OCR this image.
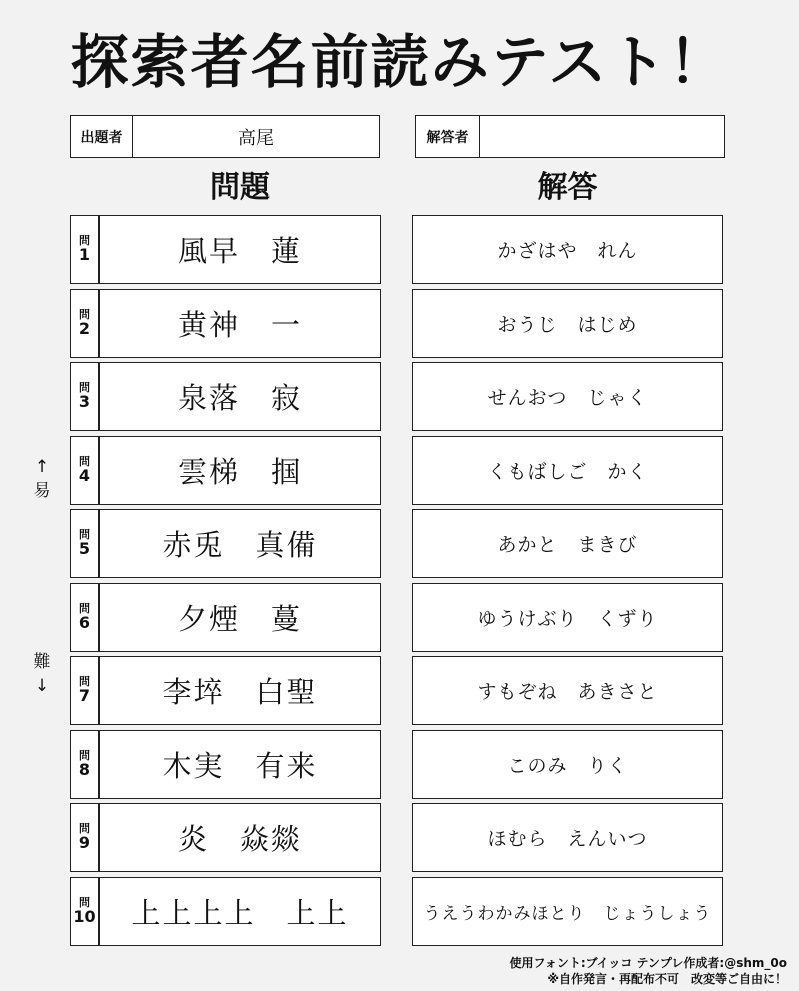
探索者名前読みテスト！
出題者	高尾	解答者
問題	解答
↑
易
難
↓
問
1	風早　蓮	かざはや　れん
問
2	黄神　一	おうじ　はじめ
問
3	泉落　寂	せんおつ　じゃく
問
4	雲梯　掴	くもばしご　かく
問
5	赤兎　真備	あかと　まきび
問
6	夕煙　蔓	ゆうけぶり　くずり
問
7	李埣　白聖	すもぞね　あきさと
問
8	木実　有来	このみ　りく
問
9	炎　焱燚	ほむら　えんいつ
問
10	上上上上　上上	うえうわかみほとり　じょうしょう
使用フォント:ブイッコ テンプレ作成者:@shm_0o
※自作発言・再配布不可　改変等ご自由に！
